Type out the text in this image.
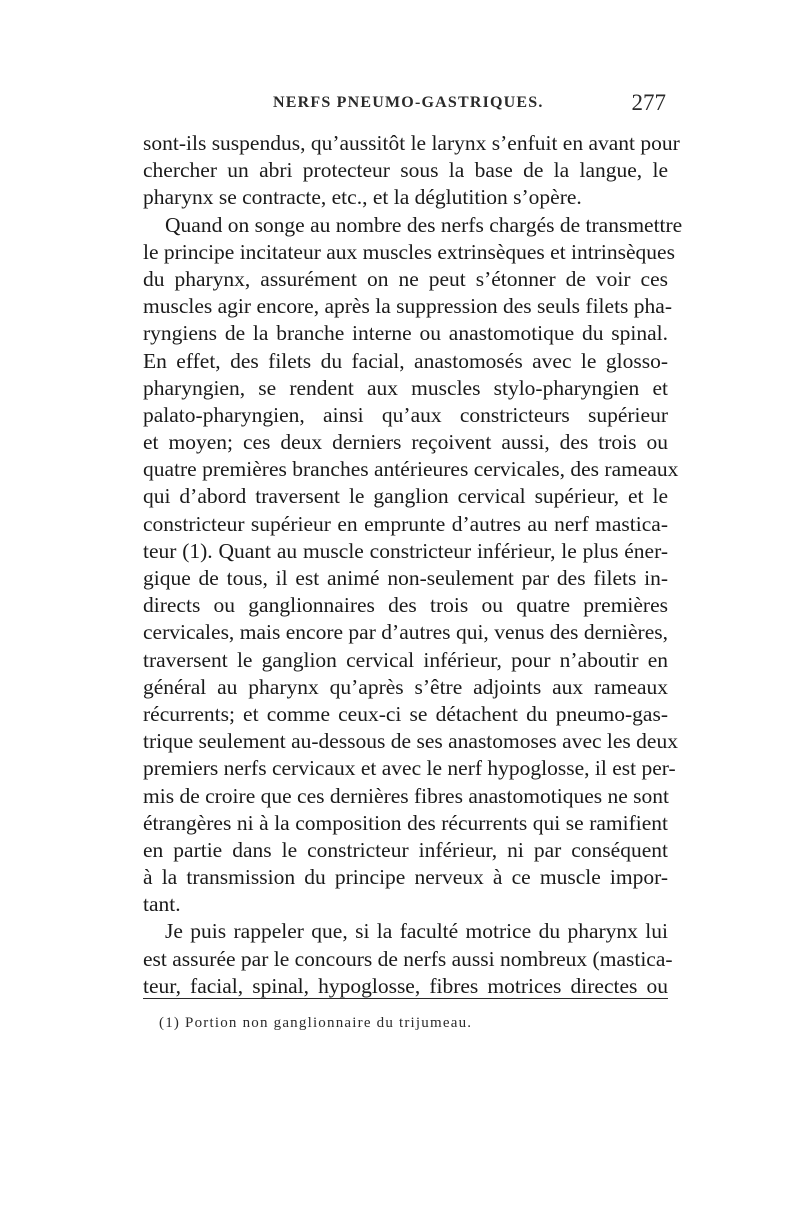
NERFS PNEUMO-GASTRIQUES.	277
sont-ils suspendus, qu’aussitôt le larynx s’enfuit en avant pour
chercher un abri protecteur sous la base de la langue, le
pharynx se contracte, etc., et la déglutition s’opère.
Quand on songe au nombre des nerfs chargés de transmettre
le principe incitateur aux muscles extrinsèques et intrinsèques
du pharynx, assurément on ne peut s’étonner de voir ces
muscles agir encore, après la suppression des seuls filets pha-
ryngiens de la branche interne ou anastomotique du spinal.
En effet, des filets du facial, anastomosés avec le glosso-
pharyngien, se rendent aux muscles stylo-pharyngien et
palato-pharyngien, ainsi qu’aux constricteurs supérieur
et moyen; ces deux derniers reçoivent aussi, des trois ou
quatre premières branches antérieures cervicales, des rameaux
qui d’abord traversent le ganglion cervical supérieur, et le
constricteur supérieur en emprunte d’autres au nerf mastica-
teur (1). Quant au muscle constricteur inférieur, le plus éner-
gique de tous, il est animé non-seulement par des filets in-
directs ou ganglionnaires des trois ou quatre premières
cervicales, mais encore par d’autres qui, venus des dernières,
traversent le ganglion cervical inférieur, pour n’aboutir en
général au pharynx qu’après s’être adjoints aux rameaux
récurrents; et comme ceux-ci se détachent du pneumo-gas-
trique seulement au-dessous de ses anastomoses avec les deux
premiers nerfs cervicaux et avec le nerf hypoglosse, il est per-
mis de croire que ces dernières fibres anastomotiques ne sont
étrangères ni à la composition des récurrents qui se ramifient
en partie dans le constricteur inférieur, ni par conséquent
à la transmission du principe nerveux à ce muscle impor-
tant.
Je puis rappeler que, si la faculté motrice du pharynx lui
est assurée par le concours de nerfs aussi nombreux (mastica-
teur, facial, spinal, hypoglosse, fibres motrices directes ou
(1) Portion non ganglionnaire du trijumeau.
